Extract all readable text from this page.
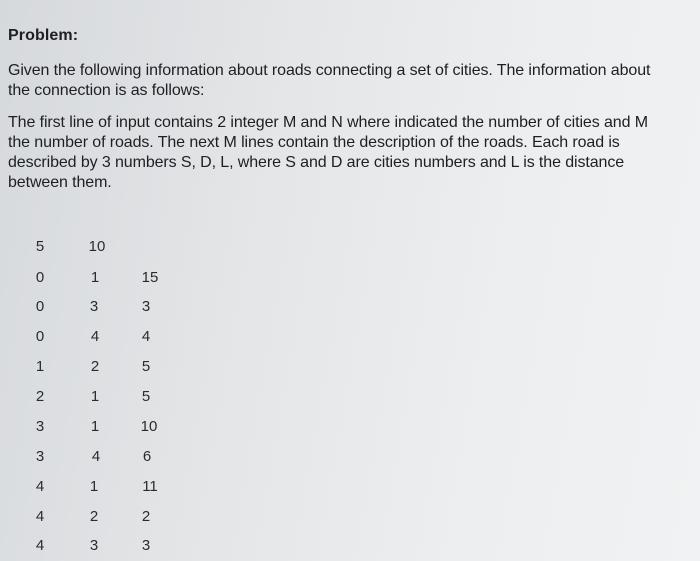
Problem:

Given the following information about roads connecting a set of cities. The information about
the connection is as follows:

The first line of input contains 2 integer M and N where indicated the number of cities and M
the number of roads. The next M lines contain the description of the roads. Each road is
described by 3 numbers S, D, L, where S and D are cities numbers and L is the distance
between them.

5	10
0	1	15
0	3	3
0	4	4
1	2	5
2	1	5
3	1	10
3	4	6
4	1	11
4	2	2
4	3	3
